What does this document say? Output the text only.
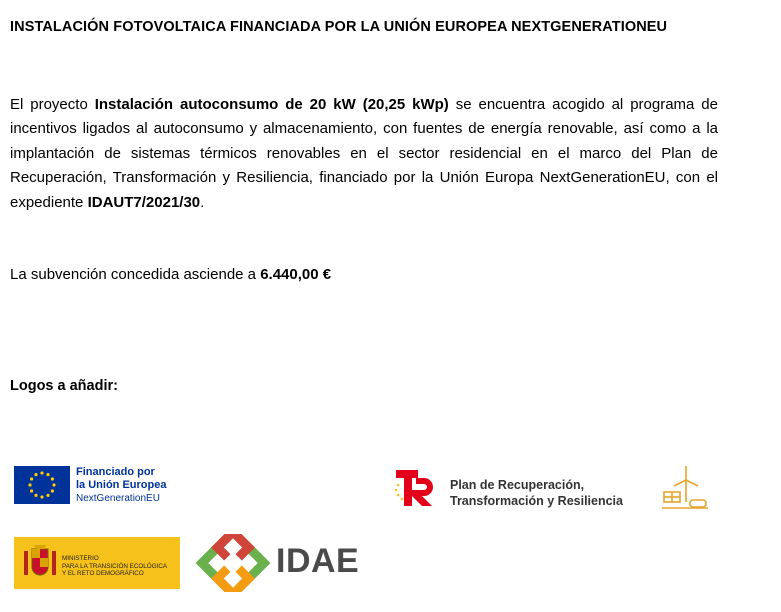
INSTALACIÓN FOTOVOLTAICA FINANCIADA POR LA UNIÓN EUROPEA NEXTGENERATIONEU
El proyecto Instalación autoconsumo de 20 kW (20,25 kWp) se encuentra acogido al programa de incentivos ligados al autoconsumo y almacenamiento, con fuentes de energía renovable, así como a la implantación de sistemas térmicos renovables en el sector residencial en el marco del Plan de Recuperación, Transformación y Resiliencia, financiado por la Unión Europa NextGenerationEU, con el expediente IDAUT7/2021/30.
La subvención concedida asciende a 6.440,00 €
Logos a añadir:
Financiado por
la Unión Europea
NextGenerationEU
Plan de Recuperación,
Transformación y Resiliencia
MINISTERIO
PARA LA TRANSICIÓN ECOLÓGICA
Y EL RETO DEMOGRÁFICO	IDAE
